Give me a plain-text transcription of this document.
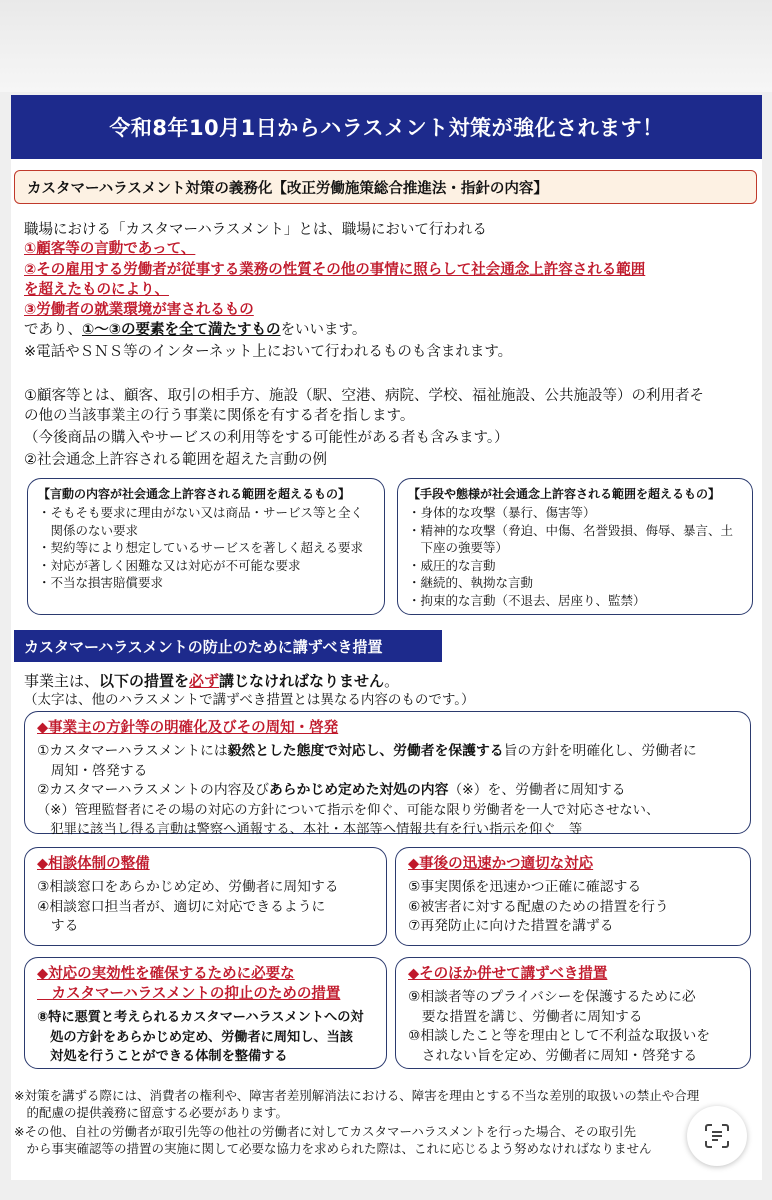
令和8年10月1日からハラスメント対策が強化されます！
カスタマーハラスメント対策の義務化【改正労働施策総合推進法・指針の内容】
職場における「カスタマーハラスメント」とは、職場において行われる
①顧客等の言動であって、
②その雇用する労働者が従事する業務の性質その他の事情に照らして社会通念上許容される範囲
を超えたものにより、
③労働者の就業環境が害されるもの
であり、①～③の要素を全て満たすものをいいます。
※電話やＳＮＳ等のインターネット上において行われるものも含まれます。
①顧客等とは、顧客、取引の相手方、施設（駅、空港、病院、学校、福祉施設、公共施設等）の利用者そ
の他の当該事業主の行う事業に関係を有する者を指します。
（今後商品の購入やサービスの利用等をする可能性がある者も含みます。）
②社会通念上許容される範囲を超えた言動の例
【言動の内容が社会通念上許容される範囲を超えるもの】
・そもそも要求に理由がない又は商品・サービス等と全く
　関係のない要求
・契約等により想定しているサービスを著しく超える要求
・対応が著しく困難な又は対応が不可能な要求
・不当な損害賠償要求
【手段や態様が社会通念上許容される範囲を超えるもの】
・身体的な攻撃（暴行、傷害等）
・精神的な攻撃（脅迫、中傷、名誉毀損、侮辱、暴言、土
　下座の強要等）
・威圧的な言動
・継続的、執拗な言動
・拘束的な言動（不退去、居座り、監禁）
カスタマーハラスメントの防止のために講ずべき措置
事業主は、以下の措置を必ず講じなければなりません。
（太字は、他のハラスメントで講ずべき措置とは異なる内容のものです。）
◆事業主の方針等の明確化及びその周知・啓発
①カスタマーハラスメントには毅然とした態度で対応し、労働者を保護する旨の方針を明確化し、労働者に
　周知・啓発する
②カスタマーハラスメントの内容及びあらかじめ定めた対処の内容（※）を、労働者に周知する
（※）管理監督者にその場の対応の方針について指示を仰ぐ、可能な限り労働者を一人で対応させない、
　犯罪に該当し得る言動は警察へ通報する、本社・本部等へ情報共有を行い指示を仰ぐ　等
◆相談体制の整備
③相談窓口をあらかじめ定め、労働者に周知する
④相談窓口担当者が、適切に対応できるように
　する
◆事後の迅速かつ適切な対応
⑤事実関係を迅速かつ正確に確認する
⑥被害者に対する配慮のための措置を行う
⑦再発防止に向けた措置を講ずる
◆対応の実効性を確保するために必要な
　カスタマーハラスメントの抑止のための措置
⑧特に悪質と考えられるカスタマーハラスメントへの対
　処の方針をあらかじめ定め、労働者に周知し、当該
　対処を行うことができる体制を整備する
◆そのほか併せて講ずべき措置
⑨相談者等のプライバシーを保護するために必
　要な措置を講じ、労働者に周知する
⑩相談したこと等を理由として不利益な取扱いを
　されない旨を定め、労働者に周知・啓発する
※対策を講ずる際には、消費者の権利や、障害者差別解消法における、障害を理由とする不当な差別的取扱いの禁止や合理
　的配慮の提供義務に留意する必要があります。
※その他、自社の労働者が取引先等の他社の労働者に対してカスタマーハラスメントを行った場合、その取引先
　から事実確認等の措置の実施に関して必要な協力を求められた際は、これに応じるよう努めなければなりません
